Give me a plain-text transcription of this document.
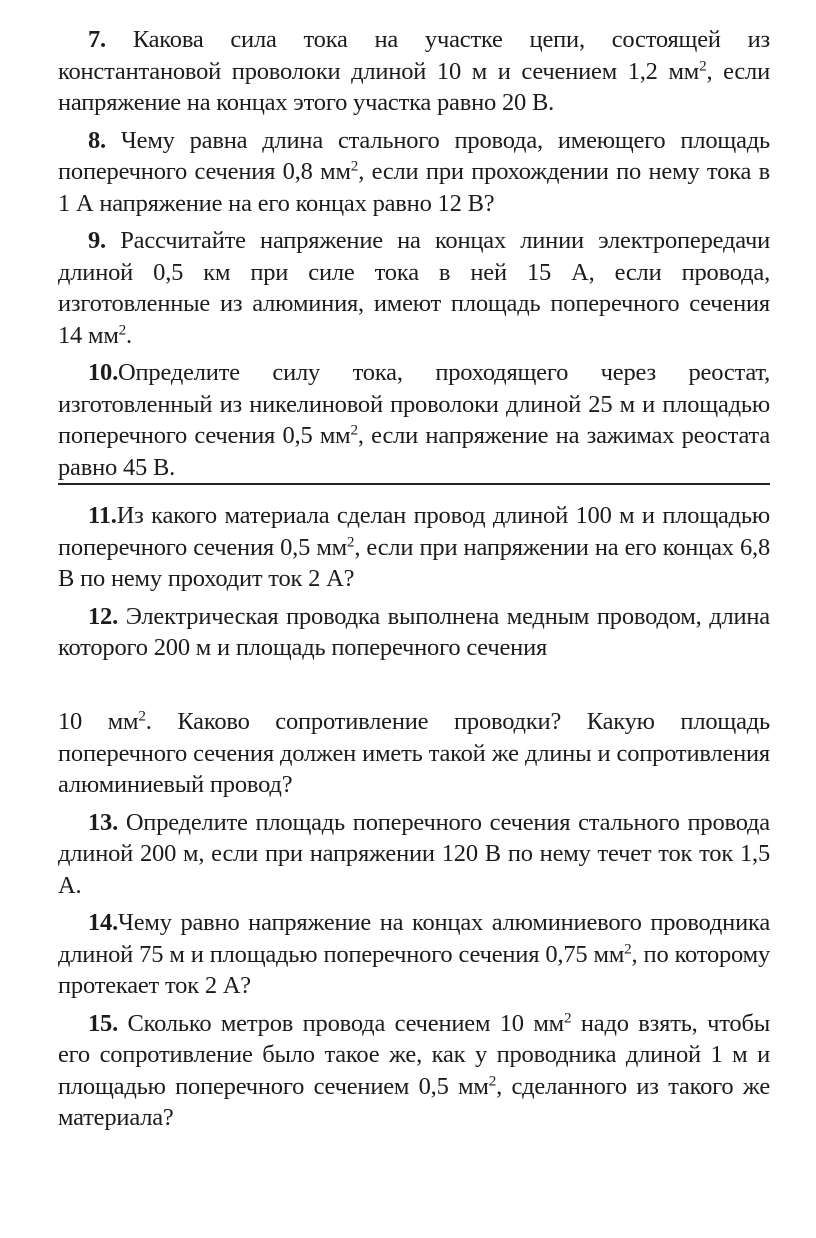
7. Какова сила тока на участке цепи, состоящей из константановой проволоки длиной 10 м и сечением 1,2 $мм^2$, если напряжение на концах этого участка равно 20 В.

8. Чему равна длина стального провода, имеющего площадь поперечного сечения 0,8 $мм^2$, если при прохождении по нему тока в 1 А напряжение на его концах равно 12 В?

9. Рассчитайте напряжение на концах линии электропередачи длиной 0,5 км при силе тока в ней 15 А, если провода, изготовленные из алюминия, имеют площадь поперечного сечения 14 $мм^2$.

10.Определите силу тока, проходящего через реостат, изготовленный из никелиновой проволоки длиной 25 м и площадью поперечного сечения 0,5 $мм^2$, если напряжение на зажимах реостата равно 45 В.

11.Из какого материала сделан провод длиной 100 м и площадью поперечного сечения 0,5 $мм^2$, если при напряжении на его концах 6,8 В по нему проходит ток 2 А?

12. Электрическая проводка выполнена медным проводом, длина которого 200 м и площадь поперечного сечения

10 $мм^2$. Каково сопротивление проводки? Какую площадь поперечного сечения должен иметь такой же длины и сопротивления алюминиевый провод?

13. Определите площадь поперечного сечения стального провода длиной 200 м, если при напряжении 120 В по нему течет ток ток 1,5 А.

14.Чему равно напряжение на концах алюминиевого проводника длиной 75 м и площадью поперечного сечения 0,75 $мм^2$, по которому протекает ток 2 А?

15. Сколько метров провода сечением 10 $мм^2$ надо взять, чтобы его сопротивление было такое же, как у проводника длиной 1 м и площадью поперечного сечением 0,5 $мм^2$, сделанного из такого же материала?
